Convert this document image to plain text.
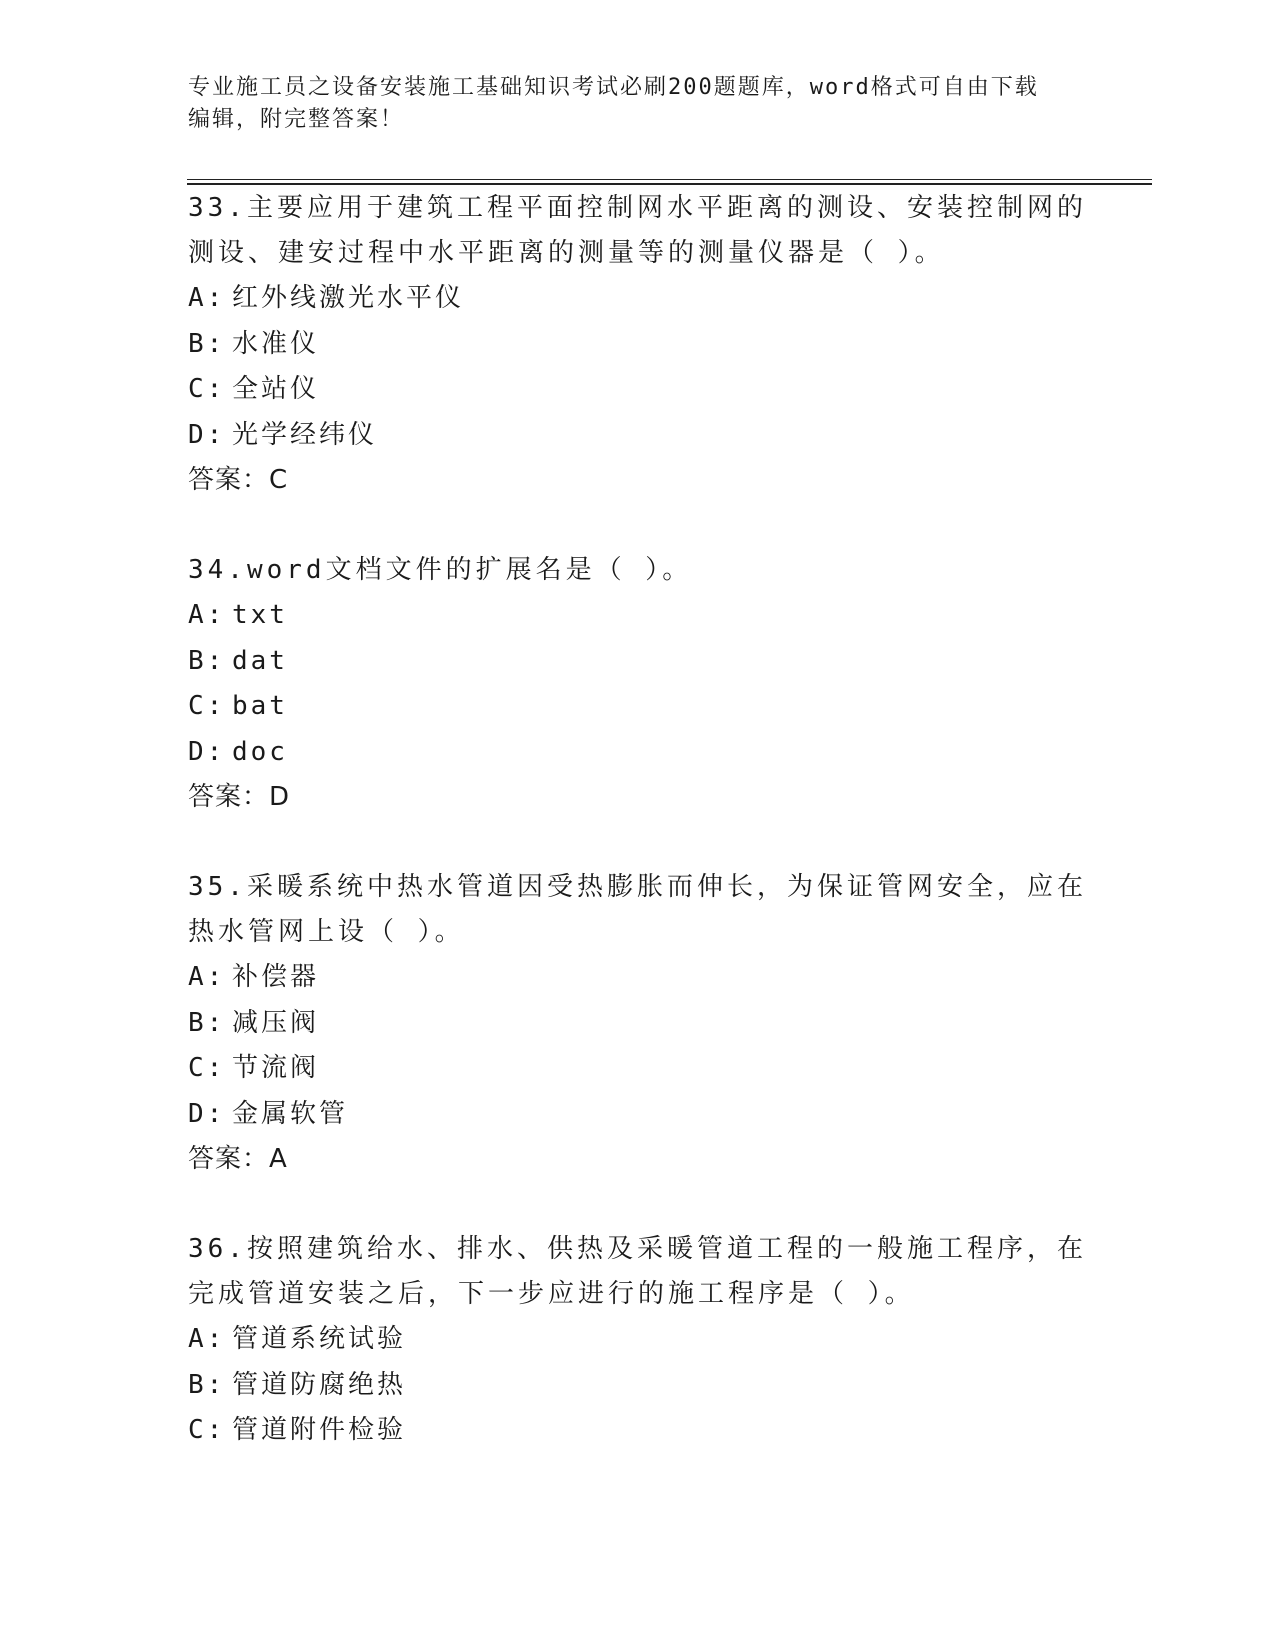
专业施工员之设备安装施工基础知识考试必刷200题题库，word格式可自由下载
编辑，附完整答案！

33.主要应用于建筑工程平面控制网水平距离的测设、安装控制网的测设、建安过程中水平距离的测量等的测量仪器是（ ）。

A: 红外线激光水平仪

B: 水准仪

C: 全站仪

D: 光学经纬仪

答案：C

34.word文档文件的扩展名是（ ）。

A: txt

B: dat

C: bat

D: doc

答案：D

35.采暖系统中热水管道因受热膨胀而伸长，为保证管网安全，应在热水管网上设（ ）。

A: 补偿器

B: 减压阀

C: 节流阀

D: 金属软管

答案：A

36.按照建筑给水、排水、供热及采暖管道工程的一般施工程序，在完成管道安装之后，下一步应进行的施工程序是（ ）。

A: 管道系统试验

B: 管道防腐绝热

C: 管道附件检验
